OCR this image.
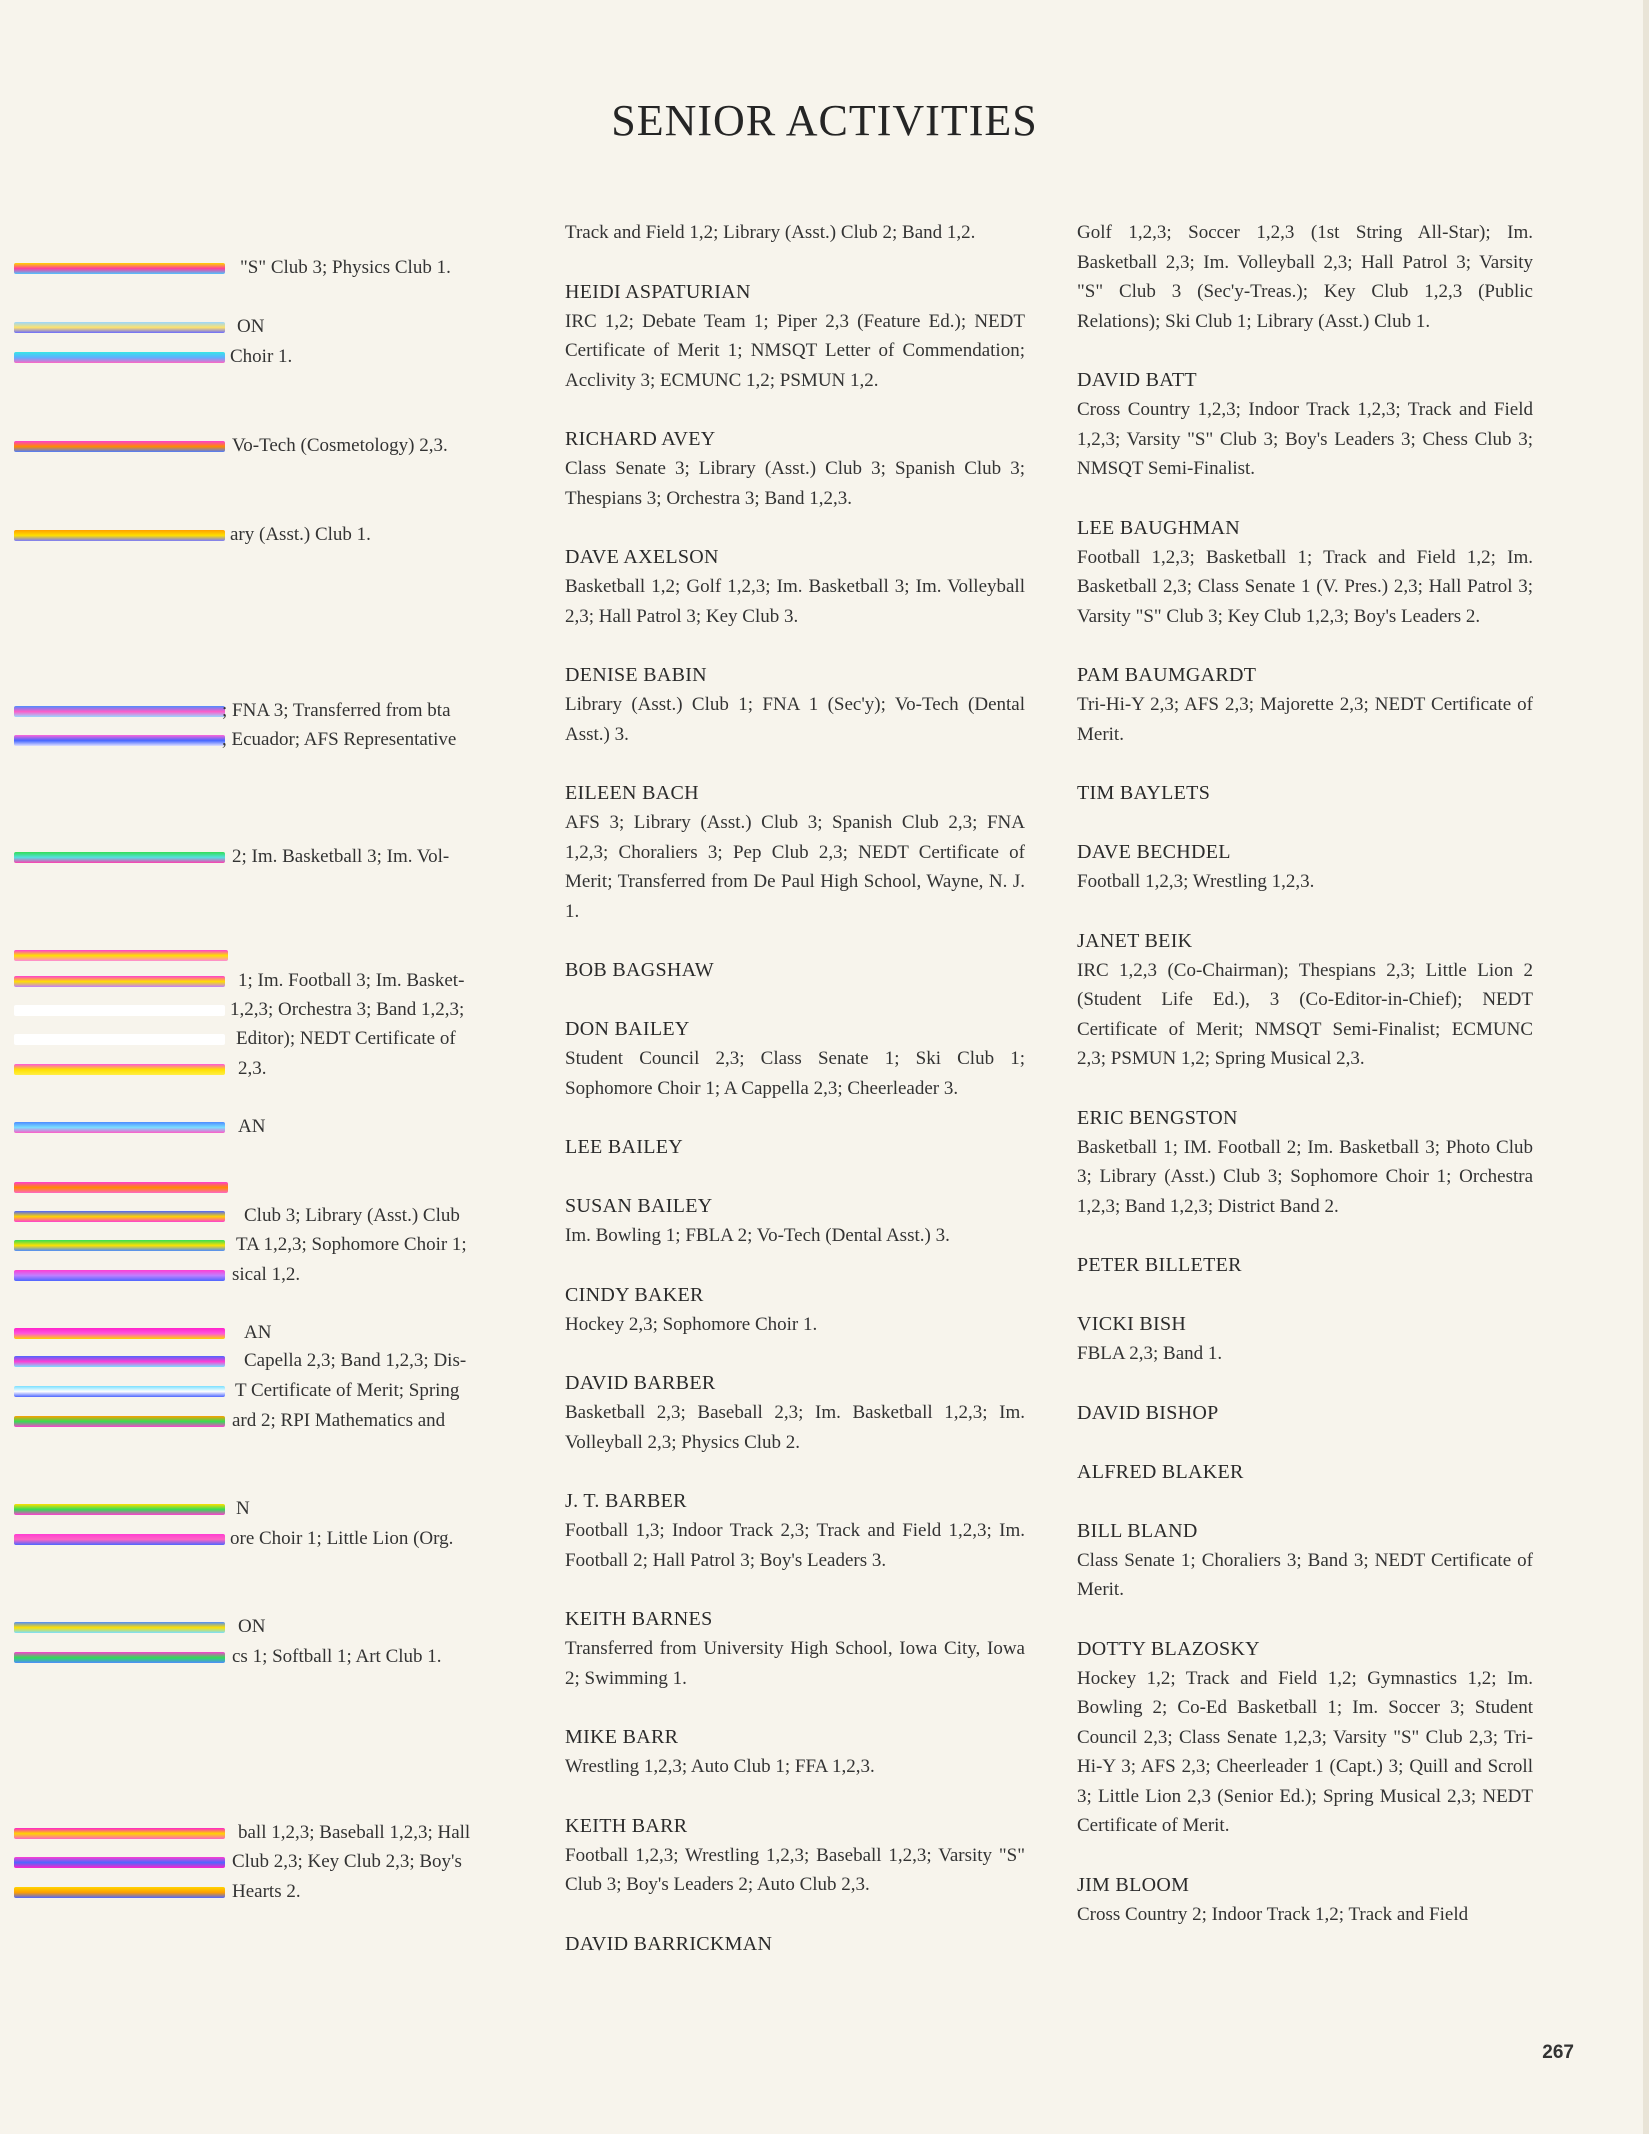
SENIOR ACTIVITIES
"S" Club 3; Physics Club 1.
ON
Choir 1.
Vo-Tech (Cosmetology) 2,3.
ary (Asst.) Club 1.
; FNA 3; Transferred from bta
, Ecuador; AFS Representative
2; Im. Basketball 3; Im. Vol-
1; Im. Football 3; Im. Basket-
1,2,3; Orchestra 3; Band 1,2,3;
Editor); NEDT Certificate of
2,3.
AN
Club 3; Library (Asst.) Club
TA 1,2,3; Sophomore Choir 1;
sical 1,2.
AN
Capella 2,3; Band 1,2,3; Dis-
T Certificate of Merit; Spring
ard 2; RPI Mathematics and
N
ore Choir 1; Little Lion (Org.
ON
cs 1; Softball 1; Art Club 1.
ball 1,2,3; Baseball 1,2,3; Hall
Club 2,3; Key Club 2,3; Boy's
Hearts 2.
Track and Field 1,2; Library (Asst.) Club 2; Band 1,2.
HEIDI ASPATURIAN
IRC 1,2; Debate Team 1; Piper 2,3 (Feature Ed.); NEDT Certificate of Merit 1; NMSQT Letter of Commendation; Acclivity 3; ECMUNC 1,2; PSMUN 1,2.
RICHARD AVEY
Class Senate 3; Library (Asst.) Club 3; Spanish Club 3; Thespians 3; Orchestra 3; Band 1,2,3.
DAVE AXELSON
Basketball 1,2; Golf 1,2,3; Im. Basketball 3; Im. Volleyball 2,3; Hall Patrol 3; Key Club 3.
DENISE BABIN
Library (Asst.) Club 1; FNA 1 (Sec'y); Vo-Tech (Dental Asst.) 3.
EILEEN BACH
AFS 3; Library (Asst.) Club 3; Spanish Club 2,3; FNA 1,2,3; Choraliers 3; Pep Club 2,3; NEDT Certificate of Merit; Transferred from De Paul High School, Wayne, N. J. 1.
BOB BAGSHAW
DON BAILEY
Student Council 2,3; Class Senate 1; Ski Club 1; Sophomore Choir 1; A Cappella 2,3; Cheerleader 3.
LEE BAILEY
SUSAN BAILEY
Im. Bowling 1; FBLA 2; Vo-Tech (Dental Asst.) 3.
CINDY BAKER
Hockey 2,3; Sophomore Choir 1.
DAVID BARBER
Basketball 2,3; Baseball 2,3; Im. Basketball 1,2,3; Im. Volleyball 2,3; Physics Club 2.
J. T. BARBER
Football 1,3; Indoor Track 2,3; Track and Field 1,2,3; Im. Football 2; Hall Patrol 3; Boy's Leaders 3.
KEITH BARNES
Transferred from University High School, Iowa City, Iowa 2; Swimming 1.
MIKE BARR
Wrestling 1,2,3; Auto Club 1; FFA 1,2,3.
KEITH BARR
Football 1,2,3; Wrestling 1,2,3; Baseball 1,2,3; Varsity "S" Club 3; Boy's Leaders 2; Auto Club 2,3.
DAVID BARRICKMAN
Golf 1,2,3; Soccer 1,2,3 (1st String All-Star); Im. Basketball 2,3; Im. Volleyball 2,3; Hall Patrol 3; Varsity "S" Club 3 (Sec'y-Treas.); Key Club 1,2,3 (Public Relations); Ski Club 1; Library (Asst.) Club 1.
DAVID BATT
Cross Country 1,2,3; Indoor Track 1,2,3; Track and Field 1,2,3; Varsity "S" Club 3; Boy's Leaders 3; Chess Club 3; NMSQT Semi-Finalist.
LEE BAUGHMAN
Football 1,2,3; Basketball 1; Track and Field 1,2; Im. Basketball 2,3; Class Senate 1 (V. Pres.) 2,3; Hall Patrol 3; Varsity "S" Club 3; Key Club 1,2,3; Boy's Leaders 2.
PAM BAUMGARDT
Tri-Hi-Y 2,3; AFS 2,3; Majorette 2,3; NEDT Certificate of Merit.
TIM BAYLETS
DAVE BECHDEL
Football 1,2,3; Wrestling 1,2,3.
JANET BEIK
IRC 1,2,3 (Co-Chairman); Thespians 2,3; Little Lion 2 (Student Life Ed.), 3 (Co-Editor-in-Chief); NEDT Certificate of Merit; NMSQT Semi-Finalist; ECMUNC 2,3; PSMUN 1,2; Spring Musical 2,3.
ERIC BENGSTON
Basketball 1; IM. Football 2; Im. Basketball 3; Photo Club 3; Library (Asst.) Club 3; Sophomore Choir 1; Orchestra 1,2,3; Band 1,2,3; District Band 2.
PETER BILLETER
VICKI BISH
FBLA 2,3; Band 1.
DAVID BISHOP
ALFRED BLAKER
BILL BLAND
Class Senate 1; Choraliers 3; Band 3; NEDT Certificate of Merit.
DOTTY BLAZOSKY
Hockey 1,2; Track and Field 1,2; Gymnastics 1,2; Im. Bowling 2; Co-Ed Basketball 1; Im. Soccer 3; Student Council 2,3; Class Senate 1,2,3; Varsity "S" Club 2,3; Tri-Hi-Y 3; AFS 2,3; Cheerleader 1 (Capt.) 3; Quill and Scroll 3; Little Lion 2,3 (Senior Ed.); Spring Musical 2,3; NEDT Certificate of Merit.
JIM BLOOM
Cross Country 2; Indoor Track 1,2; Track and Field
267
